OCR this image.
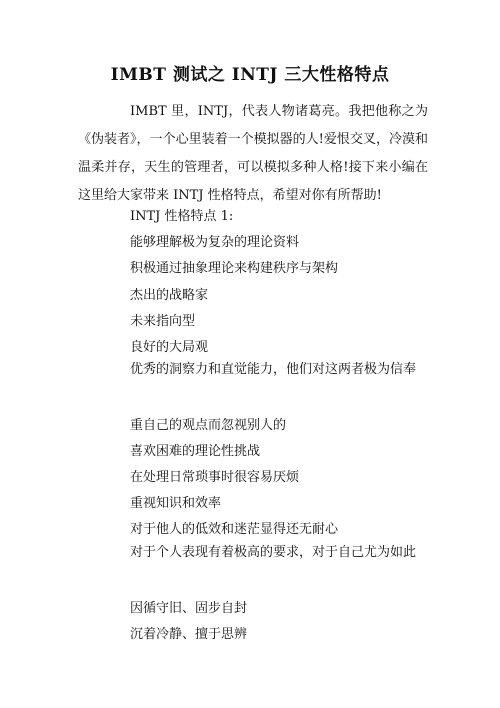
IMBT 测试之 INTJ 三大性格特点
IMBT 里，INTJ，代表人物诸葛亮。我把他称之为《伪装者》，一个心里装着一个模拟器的人!爱恨交叉，冷漠和温柔并存，天生的管理者，可以模拟多种人格!接下来小编在这里给大家带来 INTJ 性格特点，希望对你有所帮助!
INTJ 性格特点 1:
能够理解极为复杂的理论资料
积极通过抽象理论来构建秩序与架构
杰出的战略家
未来指向型
良好的大局观
优秀的洞察力和直觉能力，他们对这两者极为信奉
重自己的观点而忽视别人的
喜欢困难的理论性挑战
在处理日常琐事时很容易厌烦
重视知识和效率
对于他人的低效和迷茫显得还无耐心
对于个人表现有着极高的要求，对于自己尤为如此
因循守旧、固步自封
沉着冷静、擅于思辨
